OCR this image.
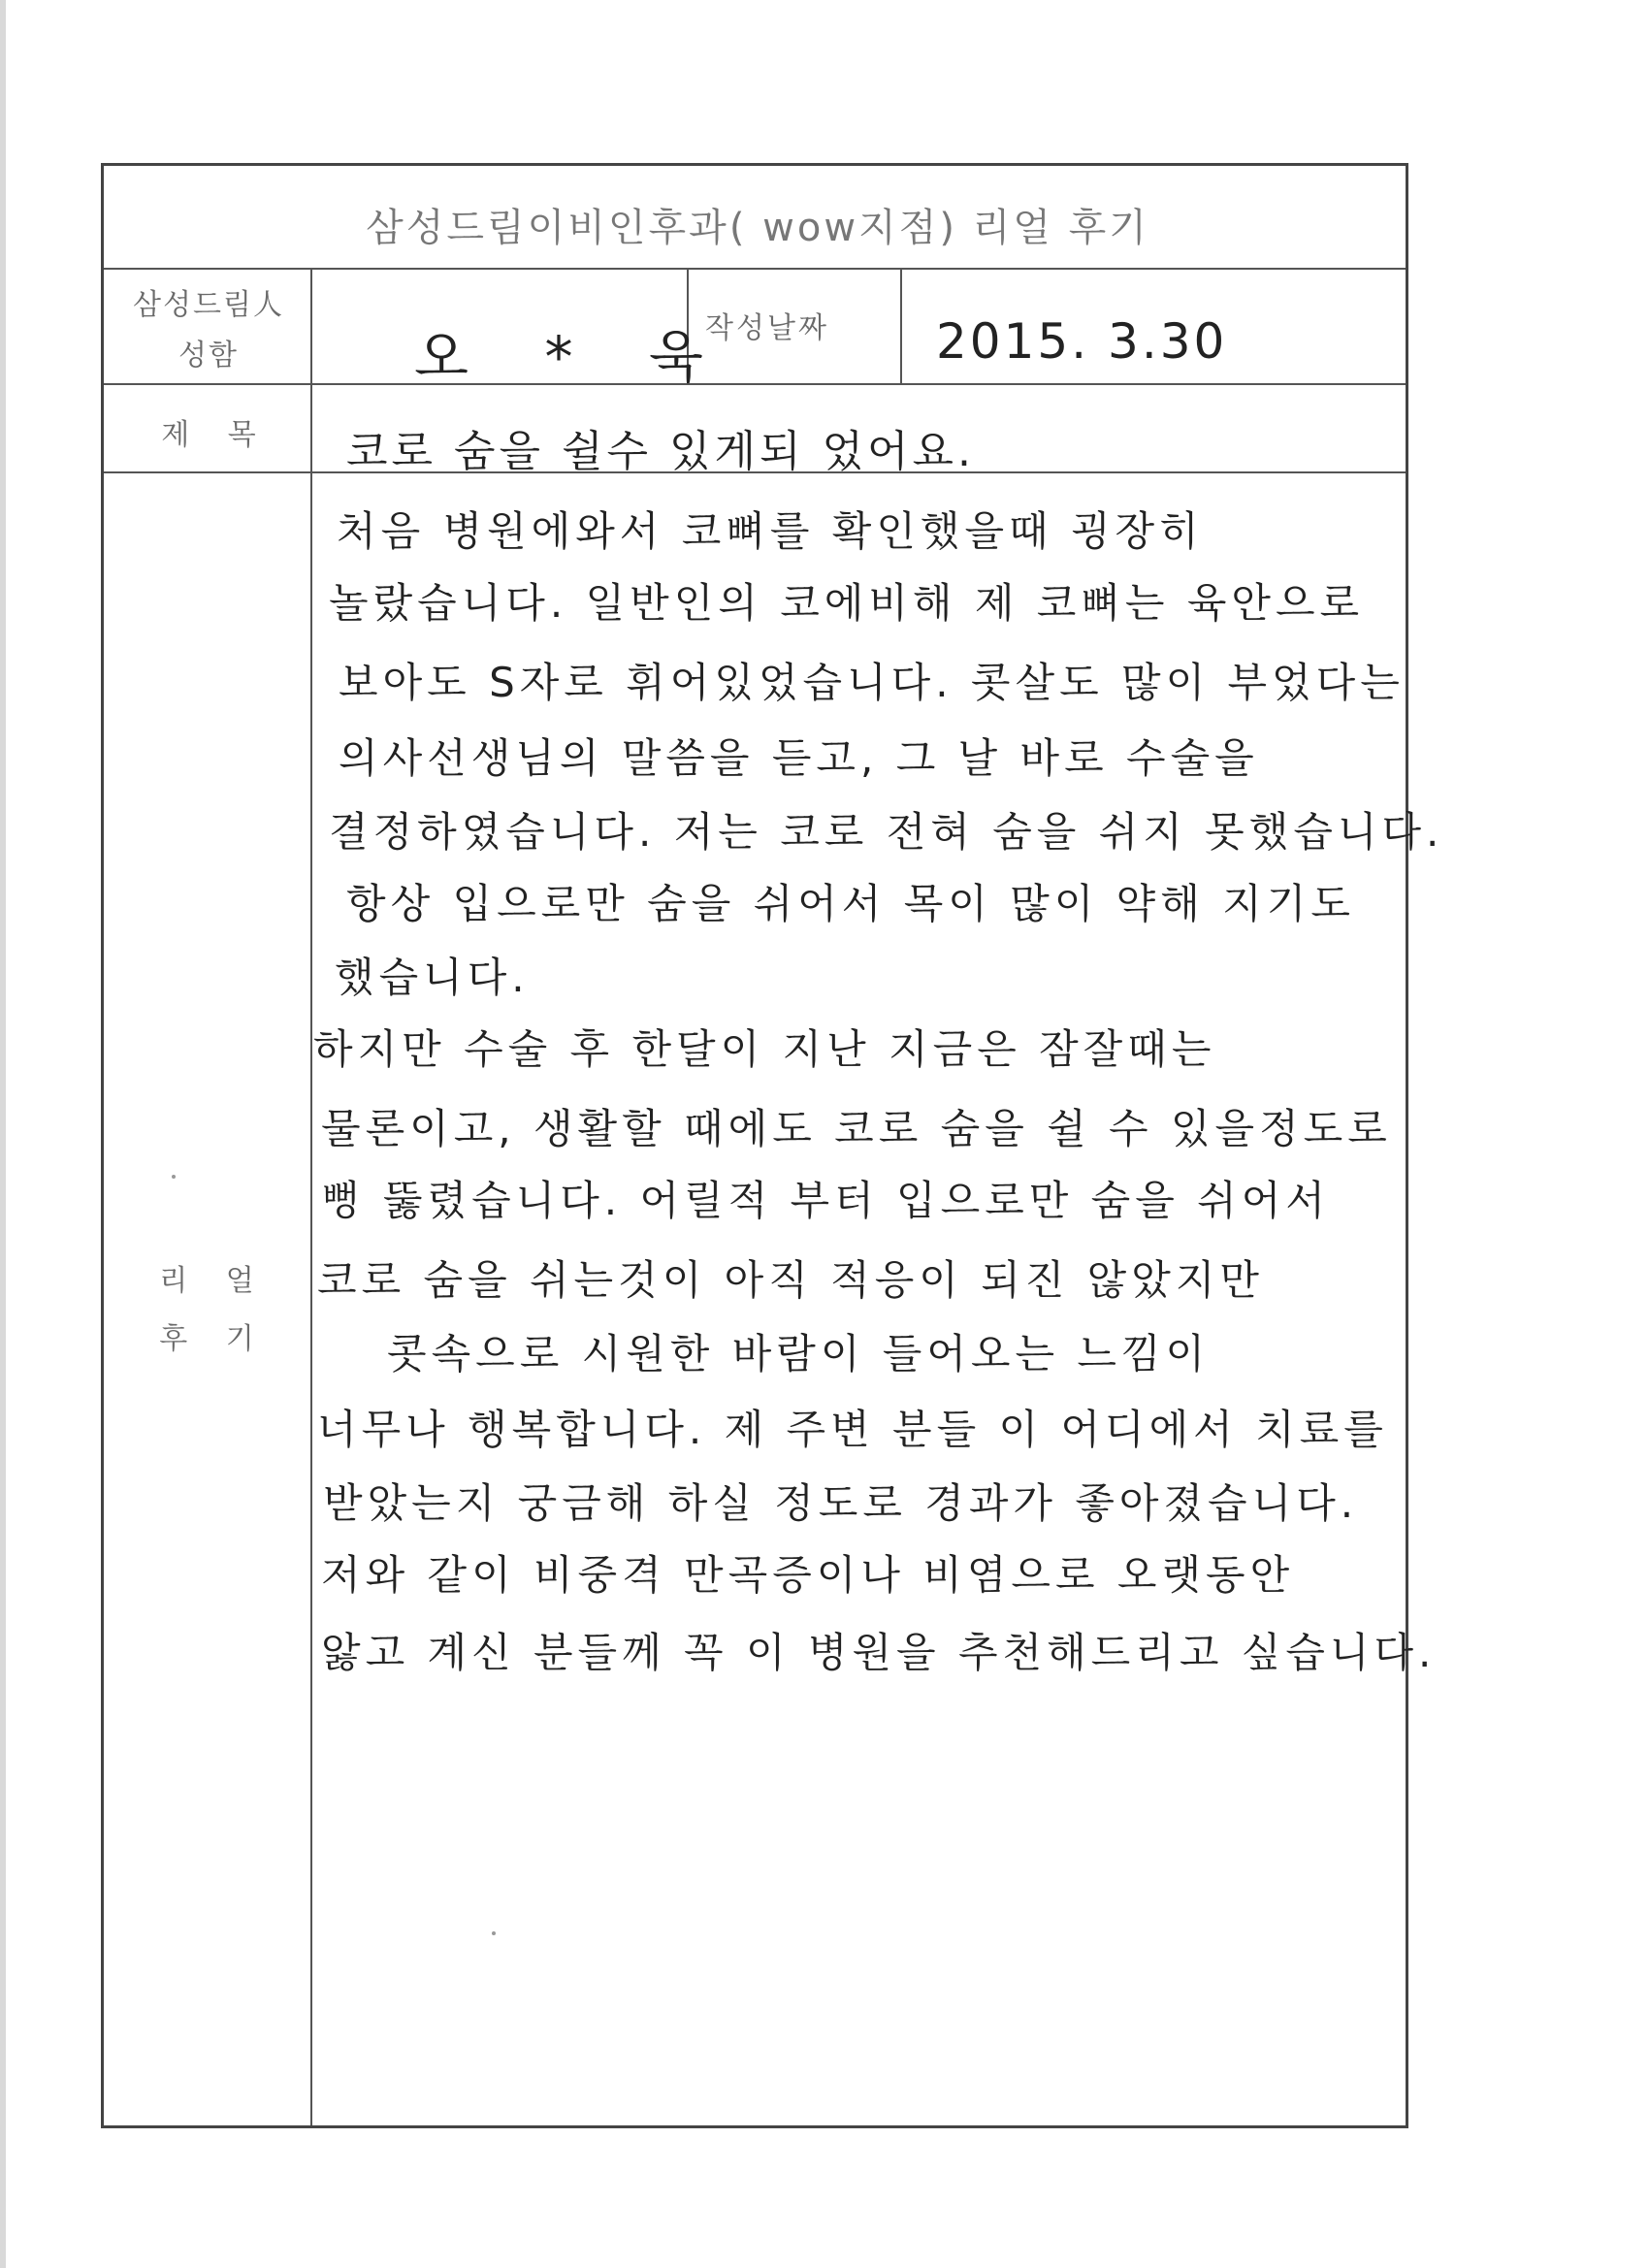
삼성드림이비인후과( wow지점) 리얼 후기
삼성드림人 성함	오 * 욱
작성날짜 2015. 3.30
제 목	코로 숨을 쉴수 있게되 었어요.
리 얼 후 기
처음 병원에와서 코뼈를 확인했을때 굉장히
놀랐습니다. 일반인의 코에비해 제 코뼈는 육안으로
보아도 S자로 휘어있었습니다. 콧살도 많이 부었다는
의사선생님의 말씀을 듣고, 그 날 바로 수술을
결정하였습니다. 저는 코로 전혀 숨을 쉬지 못했습니다.
항상 입으로만 숨을 쉬어서 목이 많이 약해 지기도
했습니다.
하지만 수술 후 한달이 지난 지금은 잠잘때는
물론이고, 생활할 때에도 코로 숨을 쉴 수 있을정도로
뻥 뚫렸습니다. 어릴적 부터 입으로만 숨을 쉬어서
코로 숨을 쉬는것이 아직 적응이 되진 않았지만
콧속으로 시원한 바람이 들어오는 느낌이
너무나 행복합니다. 제 주변 분들 이 어디에서 치료를
받았는지 궁금해 하실 정도로 경과가 좋아졌습니다.
저와 같이 비중격 만곡증이나 비염으로 오랫동안
앓고 계신 분들께 꼭 이 병원을 추천해드리고 싶습니다.
